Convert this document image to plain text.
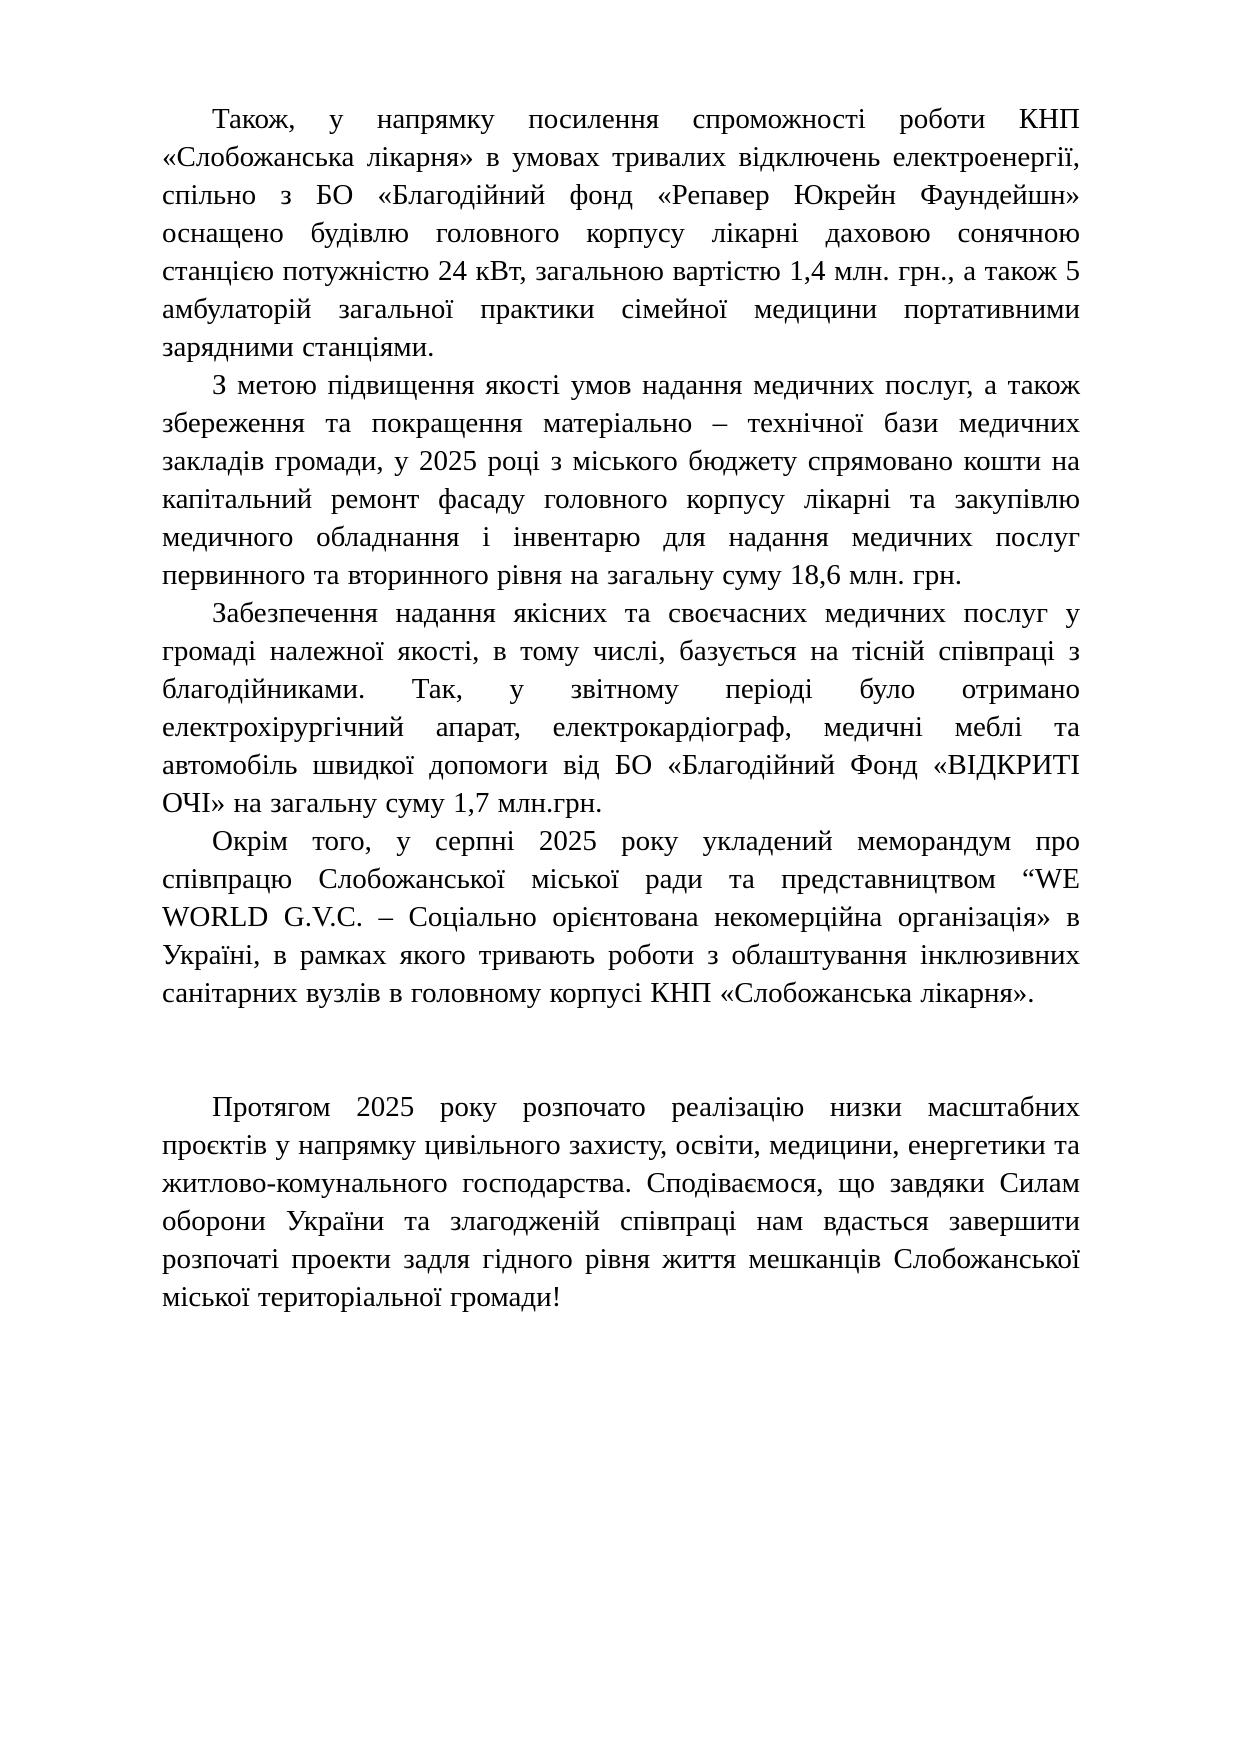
Також, у напрямку посилення спроможності роботи КНП «Слобожанська лікарня» в умовах тривалих відключень електроенергії, спільно з БО «Благодійний фонд «Репавер Юкрейн Фаундейшн» оснащено будівлю головного корпусу лікарні даховою сонячною станцією потужністю 24 кВт, загальною вартістю 1,4 млн. грн., а також 5 амбулаторій загальної практики сімейної медицини портативними зарядними станціями.

З метою підвищення якості умов надання медичних послуг, а також збереження та покращення матеріально – технічної бази медичних закладів громади, у 2025 році з міського бюджету спрямовано кошти на капітальний ремонт фасаду головного корпусу лікарні та закупівлю медичного обладнання і інвентарю для надання медичних послуг первинного та вторинного рівня на загальну суму 18,6 млн. грн.

Забезпечення надання якісних та своєчасних медичних послуг у громаді належної якості, в тому числі, базується на тісній співпраці з благодійниками. Так, у звітному періоді було отримано електрохірургічний апарат, електрокардіограф, медичні меблі та автомобіль швидкої допомоги від БО «Благодійний Фонд «ВІДКРИТІ ОЧІ» на загальну суму 1,7 млн.грн.

Окрім того, у серпні 2025 року укладений меморандум про співпрацю Слобожанської міської ради та представництвом “WE WORLD G.V.C. – Соціально орієнтована некомерційна організація» в Україні, в рамках якого тривають роботи з облаштування інклюзивних санітарних вузлів в головному корпусі КНП «Слобожанська лікарня».

Протягом 2025 року розпочато реалізацію низки масштабних проєктів у напрямку цивільного захисту, освіти, медицини, енергетики та житлово-комунального господарства. Сподіваємося, що завдяки Силам оборони України та злагодженій співпраці нам вдасться завершити розпочаті проекти задля гідного рівня життя мешканців Слобожанської міської територіальної громади!
